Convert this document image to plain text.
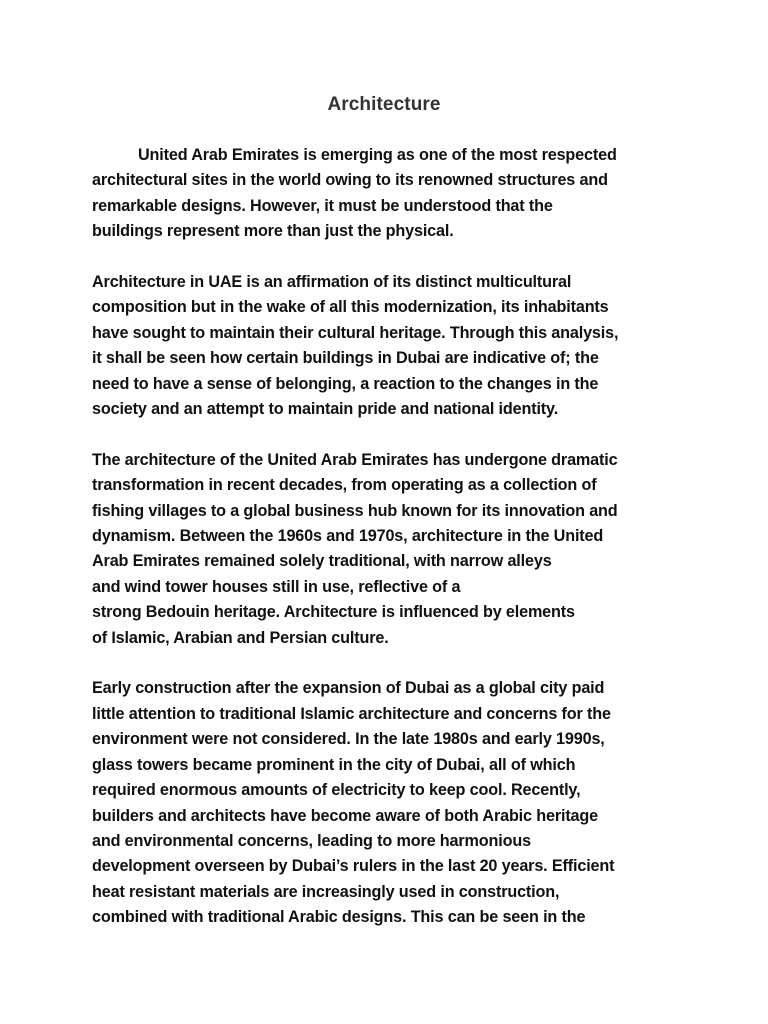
Architecture

United Arab Emirates is emerging as one of the most respected
architectural sites in the world owing to its renowned structures and
remarkable designs. However, it must be understood that the
buildings represent more than just the physical.

Architecture in UAE is an affirmation of its distinct multicultural
composition but in the wake of all this modernization, its inhabitants
have sought to maintain their cultural heritage. Through this analysis,
it shall be seen how certain buildings in Dubai are indicative of; the
need to have a sense of belonging, a reaction to the changes in the
society and an attempt to maintain pride and national identity.

The architecture of the United Arab Emirates has undergone dramatic
transformation in recent decades, from operating as a collection of
fishing villages to a global business hub known for its innovation and
dynamism. Between the 1960s and 1970s, architecture in the United
Arab Emirates remained solely traditional, with narrow alleys
and wind tower houses still in use, reflective of a
strong Bedouin heritage. Architecture is influenced by elements
of Islamic, Arabian and Persian culture.

Early construction after the expansion of Dubai as a global city paid
little attention to traditional Islamic architecture and concerns for the
environment were not considered. In the late 1980s and early 1990s,
glass towers became prominent in the city of Dubai, all of which
required enormous amounts of electricity to keep cool. Recently,
builders and architects have become aware of both Arabic heritage
and environmental concerns, leading to more harmonious
development overseen by Dubai’s rulers in the last 20 years. Efficient
heat resistant materials are increasingly used in construction,
combined with traditional Arabic designs. This can be seen in the
